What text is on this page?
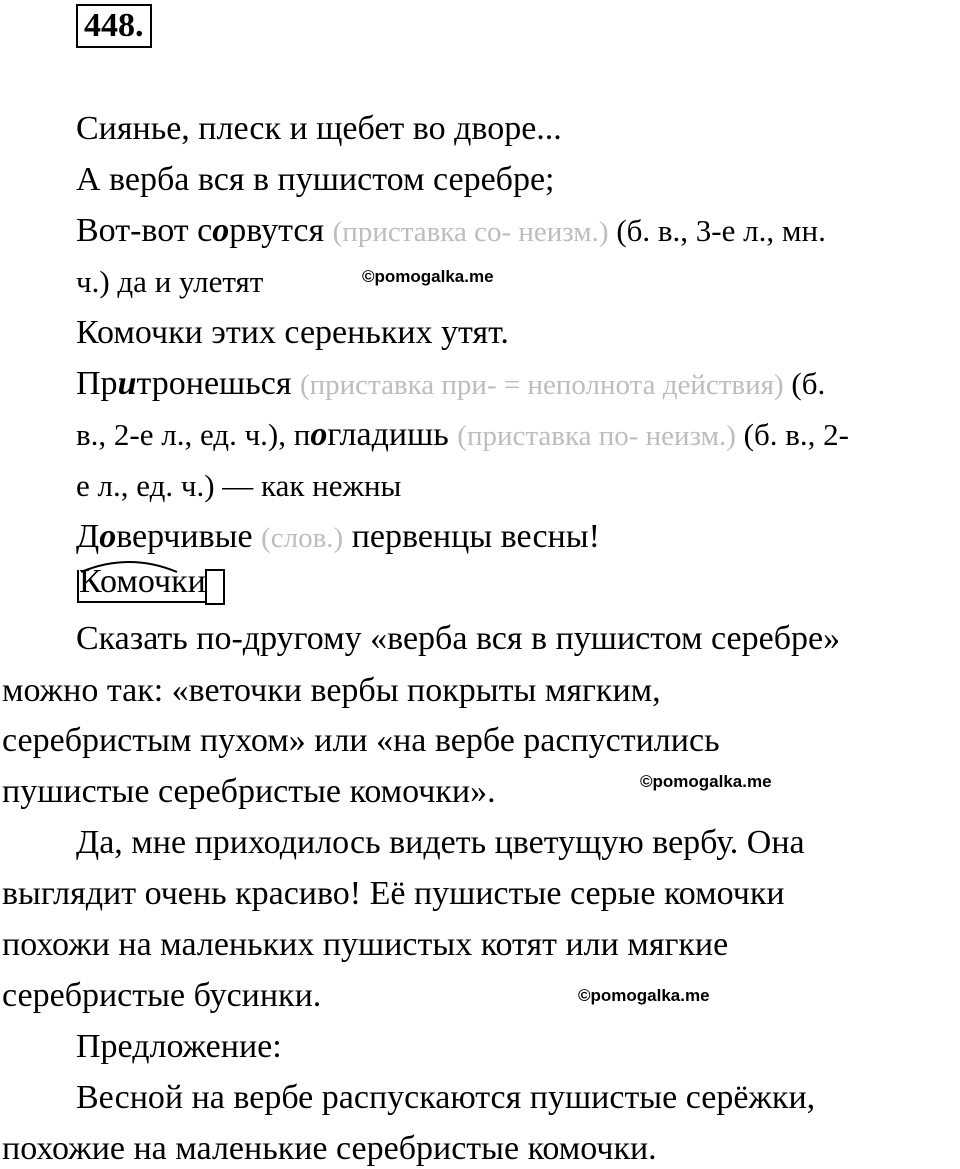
448.
Сиянье, плеск и щебет во дворе...
А верба вся в пушистом серебре;
Вот-вот сорвутся (приставка со- неизм.) (б. в., 3-е л., мн.
ч.) да и улетят	©pomogalka.me
Комочки этих сереньких утят.
Притронешься (приставка при- = неполнота действия) (б.
в., 2-е л., ед. ч.), погладишь (приставка по- неизм.) (б. в., 2-
е л., ед. ч.) — как нежны
Доверчивые (слов.) первенцы весны!
Комочки
Сказать по-другому «верба вся в пушистом серебре»
можно так: «веточки вербы покрыты мягким,
серебристым пухом» или «на вербе распустились
пушистые серебристые комочки».	©pomogalka.me
Да, мне приходилось видеть цветущую вербу. Она
выглядит очень красиво! Её пушистые серые комочки
похожи на маленьких пушистых котят или мягкие
серебристые бусинки.	©pomogalka.me
Предложение:
Весной на вербе распускаются пушистые серёжки,
похожие на маленькие серебристые комочки.
